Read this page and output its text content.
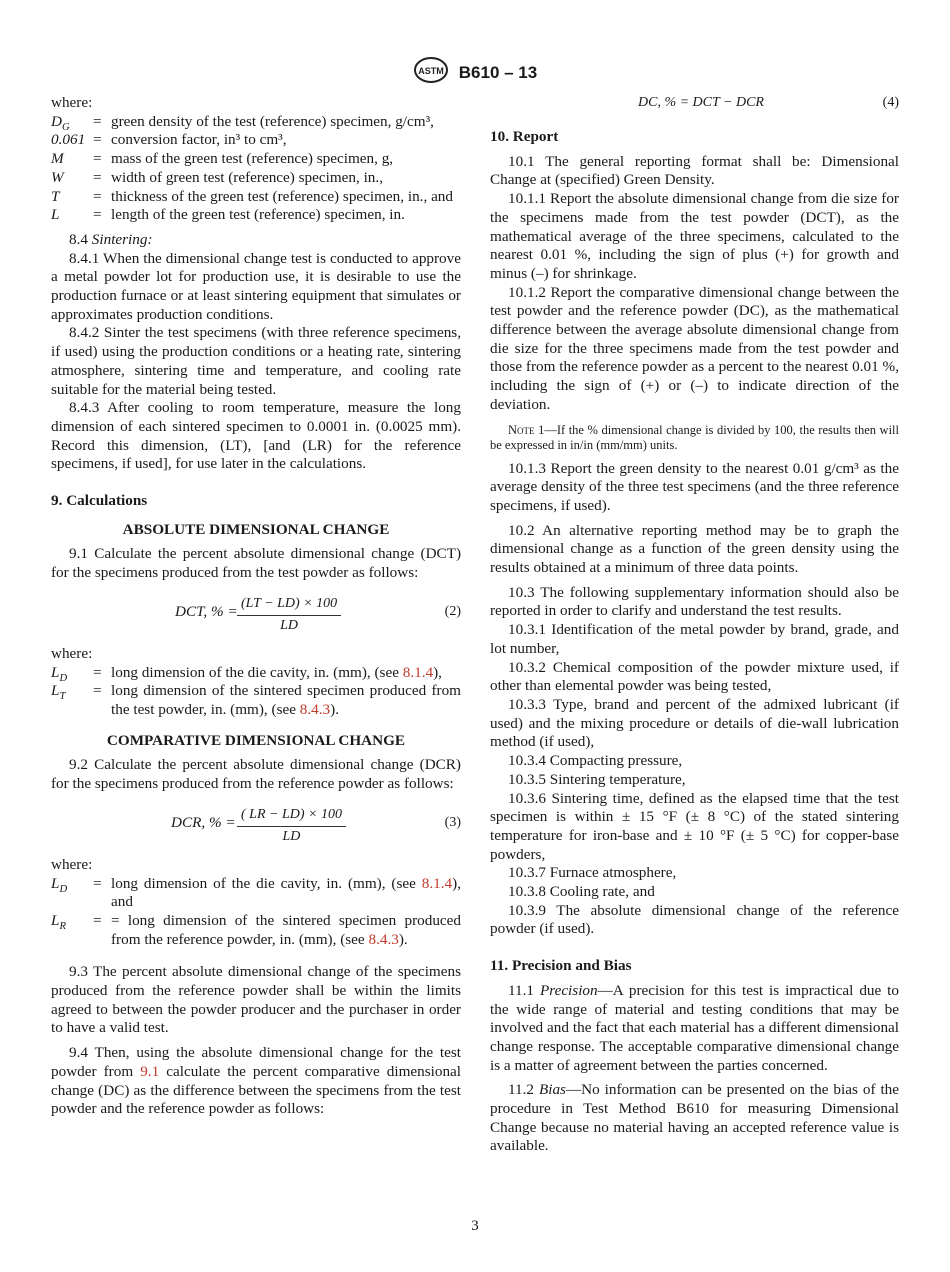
ASTM B610 – 13

where:

$D_G$	=	green density of the test (reference) specimen, g/cm³,
0.061	=	conversion factor, in³ to cm³,
M	=	mass of the green test (reference) specimen, g,
W	=	width of green test (reference) specimen, in.,
T	=	thickness of the green test (reference) specimen, in., and
L	=	length of the green test (reference) specimen, in.

8.4 Sintering:

8.4.1 When the dimensional change test is conducted to approve a metal powder lot for production use, it is desirable to use the production furnace or at least sintering equipment that simulates or approximates production conditions.

8.4.2 Sinter the test specimens (with three reference specimens, if used) using the production conditions or a heating rate, sintering atmosphere, sintering time and temperature, and cooling rate suitable for the material being tested.

8.4.3 After cooling to room temperature, measure the long dimension of each sintered specimen to 0.0001 in. (0.0025 mm). Record this dimension, (LT), [and (LR) for the reference specimens, if used], for use later in the calculations.

9. Calculations

ABSOLUTE DIMENSIONAL CHANGE

9.1 Calculate the percent absolute dimensional change (DCT) for the specimens produced from the test powder as follows:

DCT, % = $\frac{(LT - LD) \times 100}{LD}$	(2)

where:

$L_D$	=	long dimension of the die cavity, in. (mm), (see 8.1.4),
$L_T$	=	long dimension of the sintered specimen produced from the test powder, in. (mm), (see 8.4.3).

COMPARATIVE DIMENSIONAL CHANGE

9.2 Calculate the percent absolute dimensional change (DCR) for the specimens produced from the reference powder as follows:

DCR, % = $\frac{( LR - LD) \times 100}{LD}$	(3)

where:

$L_D$	=	long dimension of the die cavity, in. (mm), (see 8.1.4), and
$L_R$	=	= long dimension of the sintered specimen produced from the reference powder, in. (mm), (see 8.4.3).

9.3 The percent absolute dimensional change of the specimens produced from the reference powder shall be within the limits agreed to between the powder producer and the purchaser in order to have a valid test.

9.4 Then, using the absolute dimensional change for the test powder from 9.1 calculate the percent comparative dimensional change (DC) as the difference between the specimens from the test powder and the reference powder as follows:

DC, % = DCT − DCR	(4)

10. Report

10.1 The general reporting format shall be: Dimensional Change at (specified) Green Density.

10.1.1 Report the absolute dimensional change from die size for the specimens made from the test powder (DCT), as the mathematical average of the three specimens, calculated to the nearest 0.01 %, including the sign of plus (+) for growth and minus (–) for shrinkage.

10.1.2 Report the comparative dimensional change between the test powder and the reference powder (DC), as the mathematical difference between the average absolute dimensional change from die size for the three specimens made from the test powder and those from the reference powder as a percent to the nearest 0.01 %, including the sign of (+) or (–) to indicate direction of the deviation.

Note 1—If the % dimensional change is divided by 100, the results then will be expressed in in/in (mm/mm) units.

10.1.3 Report the green density to the nearest 0.01 g/cm³ as the average density of the three test specimens (and the three reference specimens, if used).

10.2 An alternative reporting method may be to graph the dimensional change as a function of the green density using the results obtained at a minimum of three data points.

10.3 The following supplementary information should also be reported in order to clarify and understand the test results.

10.3.1 Identification of the metal powder by brand, grade, and lot number,

10.3.2 Chemical composition of the powder mixture used, if other than elemental powder was being tested,

10.3.3 Type, brand and percent of the admixed lubricant (if used) and the mixing procedure or details of die-wall lubrication method (if used),

10.3.4 Compacting pressure,

10.3.5 Sintering temperature,

10.3.6 Sintering time, defined as the elapsed time that the test specimen is within ± 15 °F (± 8 °C) of the stated sintering temperature for iron-base and ± 10 °F (± 5 °C) for copper-base powders,

10.3.7 Furnace atmosphere,

10.3.8 Cooling rate, and

10.3.9 The absolute dimensional change of the reference powder (if used).

11. Precision and Bias

11.1 Precision—A precision for this test is impractical due to the wide range of material and testing conditions that may be involved and the fact that each material has a different dimensional change response. The acceptable comparative dimensional change is a matter of agreement between the parties concerned.

11.2 Bias—No information can be presented on the bias of the procedure in Test Method B610 for measuring Dimensional Change because no material having an accepted reference value is available.

3
